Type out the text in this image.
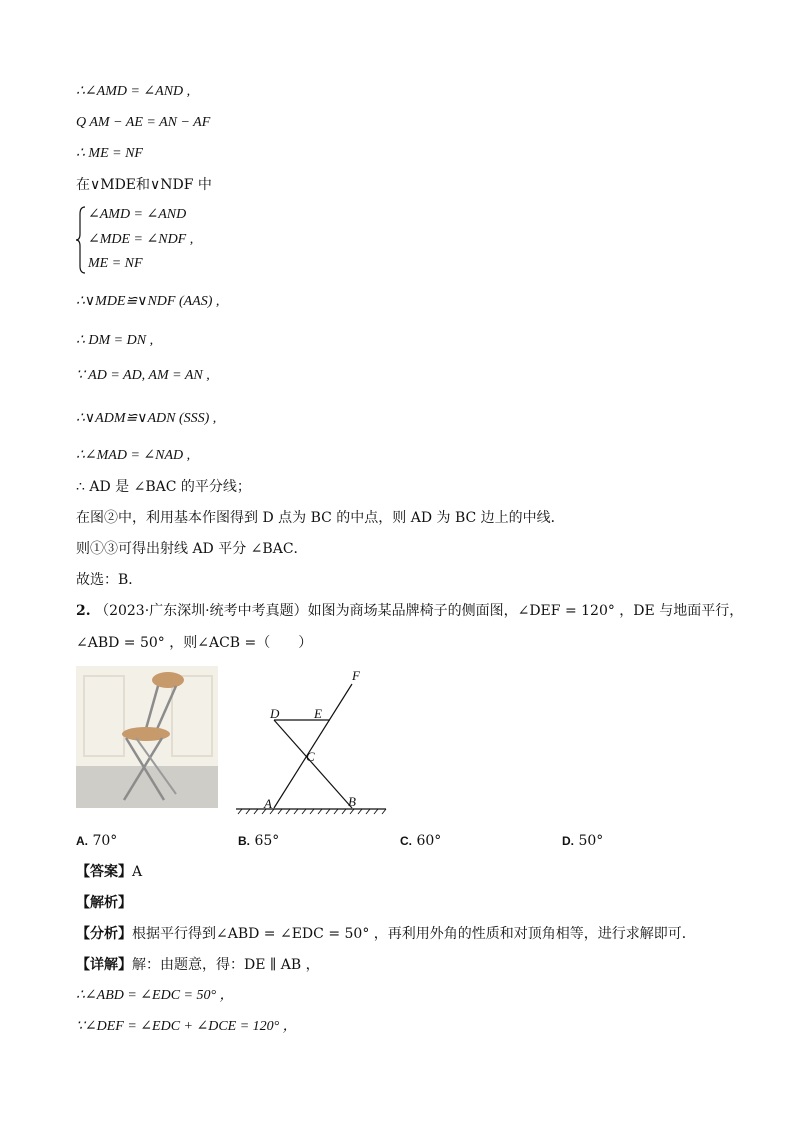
∴∠AMD = ∠AND ,
Q AM − AE = AN − AF
∴ ME = NF
在∨MDE和∨NDF 中
∠AMD = ∠AND
∠MDE = ∠NDF ,
ME = NF
∴∨MDE≌∨NDF (AAS) ,
∴ DM = DN ,
∵ AD = AD, AM = AN ,
∴∨ADM≌∨ADN (SSS) ,
∴∠MAD = ∠NAD ,
∴ AD 是 ∠BAC 的平分线；
在图②中，利用基本作图得到 D 点为 BC 的中点，则 AD 为 BC 边上的中线．
则①③可得出射线 AD 平分 ∠BAC．
故选：B．
2. （2023·广东深圳·统考中考真题）如图为商场某品牌椅子的侧面图，∠DEF = 120° ，DE 与地面平行，
∠ABD = 50° ，则∠ACB =（　　）
F
D	E
C
A	B
A. 70°	B. 65°	C. 60°	D. 50°
【答案】A
【解析】
【分析】根据平行得到∠ABD = ∠EDC = 50° ，再利用外角的性质和对顶角相等，进行求解即可．
【详解】解：由题意，得：DE ∥ AB ，
∴∠ABD = ∠EDC = 50° ，
∵∠DEF = ∠EDC + ∠DCE = 120° ，
